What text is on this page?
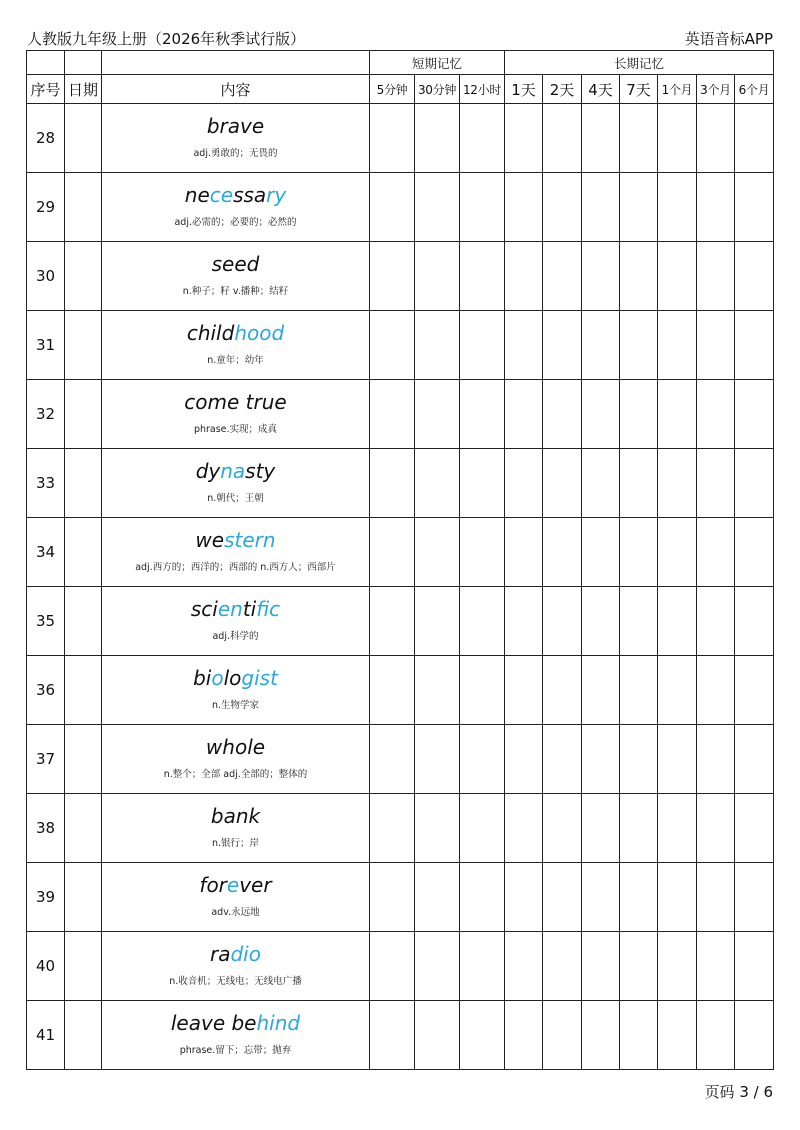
人教版九年级上册（2026年秋季试行版）	英语音标APP
			短期记忆			长期记忆						
序号	日期	内容	5分钟	30分钟	12小时	1天	2天	4天	7天	1个月	3个月	6个月
28		brave
adj.勇敢的；无畏的										

29		necessary
adj.必需的；必要的；必然的										

30		seed
n.种子；籽 v.播种；结籽										

31		childhood
n.童年；幼年										

32		come true
phrase.实现；成真										

33		dynasty
n.朝代；王朝										

34		western
adj.西方的；西洋的；西部的 n.西方人；西部片										

35		scientific
adj.科学的										

36		biologist
n.生物学家										

37		whole
n.整个；全部 adj.全部的；整体的										

38		bank
n.银行；岸										

39		forever
adv.永远地										

40		radio
n.收音机；无线电；无线电广播										

41		leave behind
phrase.留下；忘带；抛弃										

页码 3 / 6
